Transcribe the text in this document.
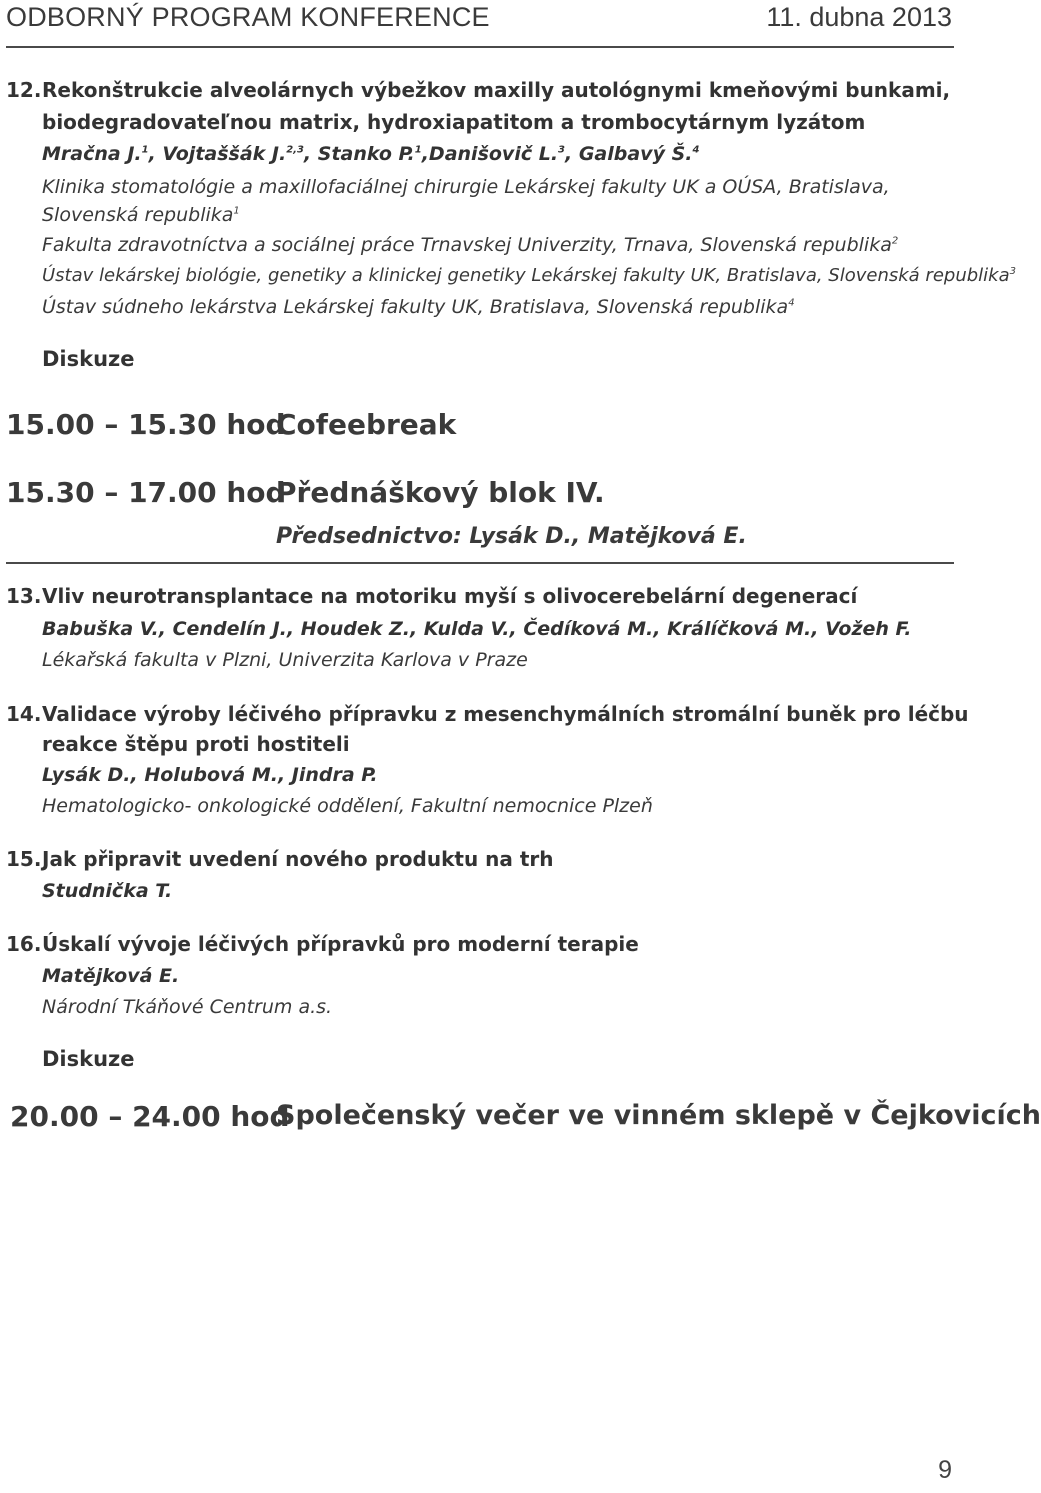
ODBORNÝ PROGRAM KONFERENCE	11. dubna 2013
12. Rekonštrukcie alveolárnych výbežkov maxilly autológnymi kmeňovými bunkami,
biodegradovateľnou matrix, hydroxiapatitom a trombocytárnym lyzátom
Mračna J.$^1$, Vojtaššák J.$^{2,3}$, Stanko P.$^1$,Danišovič L.$^3$, Galbavý Š.$^4$
Klinika stomatológie a maxillofaciálnej chirurgie Lekárskej fakulty UK a OÚSA, Bratislava,
Slovenská republika$^1$
Fakulta zdravotníctva a sociálnej práce Trnavskej Univerzity, Trnava, Slovenská republika$^2$
Ústav lekárskej biológie, genetiky a klinickej genetiky Lekárskej fakulty UK, Bratislava, Slovenská republika$^3$
Ústav súdneho lekárstva Lekárskej fakulty UK, Bratislava, Slovenská republika$^4$
Diskuze
15.00 – 15.30 hod
Cofeebreak
15.30 – 17.00 hod
Přednáškový blok IV.
Předsednictvo: Lysák D., Matějková E.
13. Vliv neurotransplantace na motoriku myší s olivocerebelární degenerací
Babuška V., Cendelín J., Houdek Z., Kulda V., Čedíková M., Králíčková M., Vožeh F.
Lékařská fakulta v Plzni, Univerzita Karlova v Praze
14. Validace výroby léčivého přípravku z mesenchymálních stromální buněk pro léčbu
reakce štěpu proti hostiteli
Lysák D., Holubová M., Jindra P.
Hematologicko- onkologické oddělení, Fakultní nemocnice Plzeň
15. Jak připravit uvedení nového produktu na trh
Studnička T.
16. Úskalí vývoje léčivých přípravků pro moderní terapie
Matějková E.
Národní Tkáňové Centrum a.s.
Diskuze
20.00 – 24.00 hod
Společenský večer ve vinném sklepě v Čejkovicích
9
